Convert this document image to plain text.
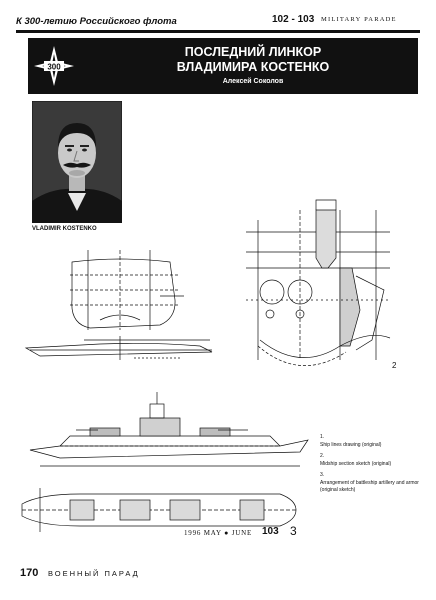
К 300-летию Российского флота	102 - 103 MILITARY PARADE
300
ПОСЛЕДНИЙ ЛИНКОР
ВЛАДИМИРА КОСТЕНКО
Алексей Соколов
VLADIMIR KOSTENKO
2
1.
Ship lines drawing (original)
2.
Midship section sketch (original)
3.
Arrangement of battleship artillery and armor (original sketch)
1996 MAY ● JUNE 103 3
170 ВОЕННЫЙ ПАРАД
